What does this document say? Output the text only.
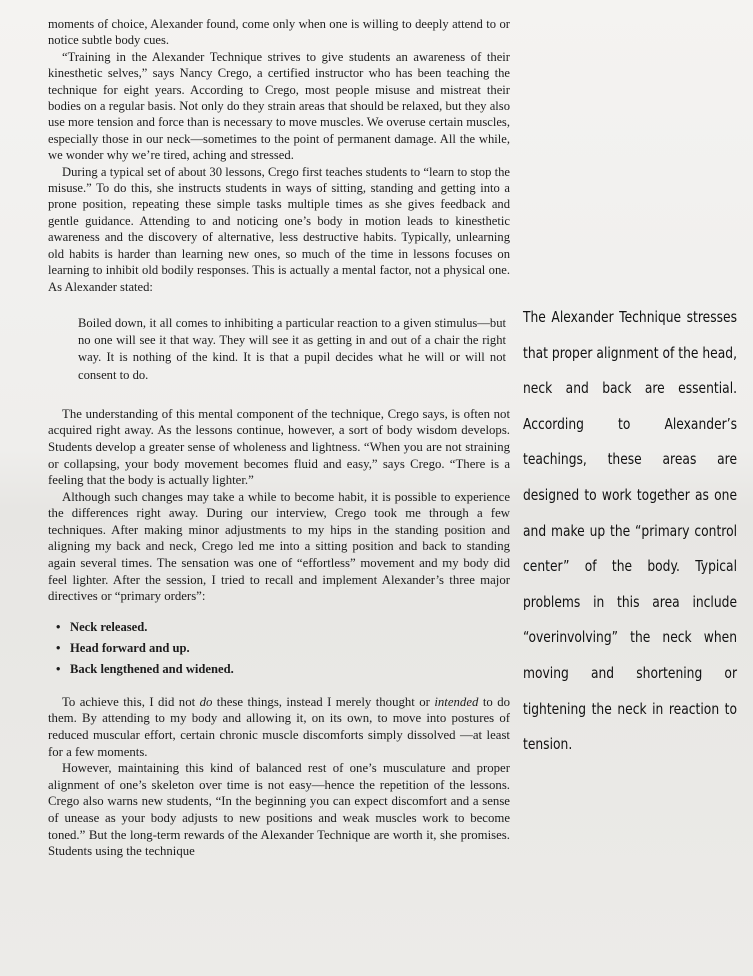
moments of choice, Alexander found, come only when one is willing to deeply attend to or notice subtle body cues.

“Training in the Alexander Technique strives to give students an awareness of their kinesthetic selves,” says Nancy Crego, a certified instructor who has been teaching the technique for eight years. According to Crego, most people misuse and mistreat their bodies on a regular basis. Not only do they strain areas that should be relaxed, but they also use more tension and force than is necessary to move muscles. We overuse certain muscles, especially those in our neck—sometimes to the point of permanent damage. All the while, we wonder why we’re tired, aching and stressed.

During a typical set of about 30 lessons, Crego first teaches students to “learn to stop the misuse.” To do this, she instructs students in ways of sitting, standing and getting into a prone position, repeating these simple tasks multiple times as she gives feedback and gentle guidance. Attending to and noticing one’s body in motion leads to kinesthetic awareness and the discovery of alternative, less destructive habits. Typically, unlearning old habits is harder than learning new ones, so much of the time in lessons focuses on learning to inhibit old bodily responses. This is actually a mental factor, not a physical one. As Alexander stated:

Boiled down, it all comes to inhibiting a particular reaction to a given stimulus—but no one will see it that way. They will see it as getting in and out of a chair the right way. It is nothing of the kind. It is that a pupil decides what he will or will not consent to do.

The understanding of this mental component of the technique, Crego says, is often not acquired right away. As the lessons continue, however, a sort of body wisdom develops. Students develop a greater sense of wholeness and lightness. “When you are not straining or collapsing, your body movement becomes fluid and easy,” says Crego. “There is a feeling that the body is actually lighter.”

Although such changes may take a while to become habit, it is possible to experience the differences right away. During our interview, Crego took me through a few techniques. After making minor adjustments to my hips in the standing position and aligning my back and neck, Crego led me into a sitting position and back to standing again several times. The sensation was one of “effortless” movement and my body did feel lighter. After the session, I tried to recall and implement Alexander’s three major directives or “primary orders”:

• Neck released.
• Head forward and up.
• Back lengthened and widened.

To achieve this, I did not do these things, instead I merely thought or intended to do them. By attending to my body and allowing it, on its own, to move into postures of reduced muscular effort, certain chronic muscle discomforts simply dissolved —at least for a few moments.

However, maintaining this kind of balanced rest of one’s musculature and proper alignment of one’s skeleton over time is not easy—hence the repetition of the lessons. Crego also warns new students, “In the beginning you can expect discomfort and a sense of unease as your body adjusts to new positions and weak muscles work to become toned.” But the long-term rewards of the Alexander Technique are worth it, she promises. Students using the technique

The Alexander Technique stresses that proper alignment of the head, neck and back are essential. According to Alexander’s teachings, these areas are designed to work together as one and make up the “primary control center” of the body. Typical problems in this area include “overinvolving” the neck when moving and shortening or tightening the neck in reaction to tension.
